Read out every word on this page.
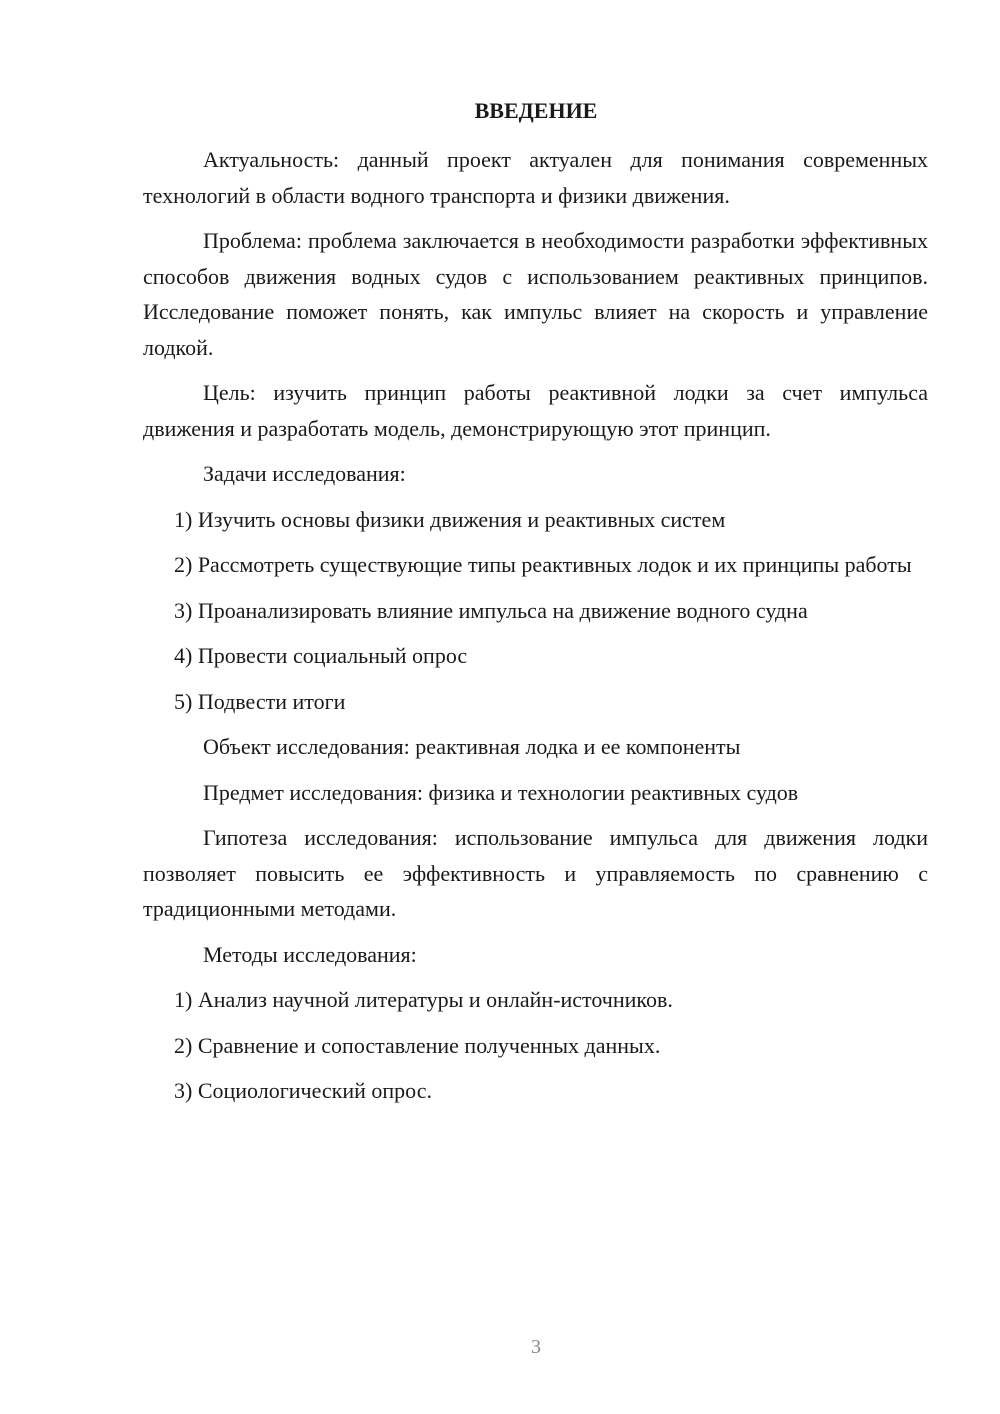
ВВЕДЕНИЕ

Актуальность: данный проект актуален для понимания современных технологий в области водного транспорта и физики движения.

Проблема: проблема заключается в необходимости разработки эффективных способов движения водных судов с использованием реактивных принципов. Исследование поможет понять, как импульс влияет на скорость и управление лодкой.

Цель: изучить принцип работы реактивной лодки за счет импульса движения и разработать модель, демонстрирующую этот принцип.

Задачи исследования:

1) Изучить основы физики движения и реактивных систем

2) Рассмотреть существующие типы реактивных лодок и их принципы работы

3) Проанализировать влияние импульса на движение водного судна

4) Провести социальный опрос

5) Подвести итоги

Объект исследования: реактивная лодка и ее компоненты

Предмет исследования: физика и технологии реактивных судов

Гипотеза исследования: использование импульса для движения лодки позволяет повысить ее эффективность и управляемость по сравнению с традиционными методами.

Методы исследования:

1) Анализ научной литературы и онлайн-источников.

2) Сравнение и сопоставление полученных данных.

3) Социологический опрос.

3
